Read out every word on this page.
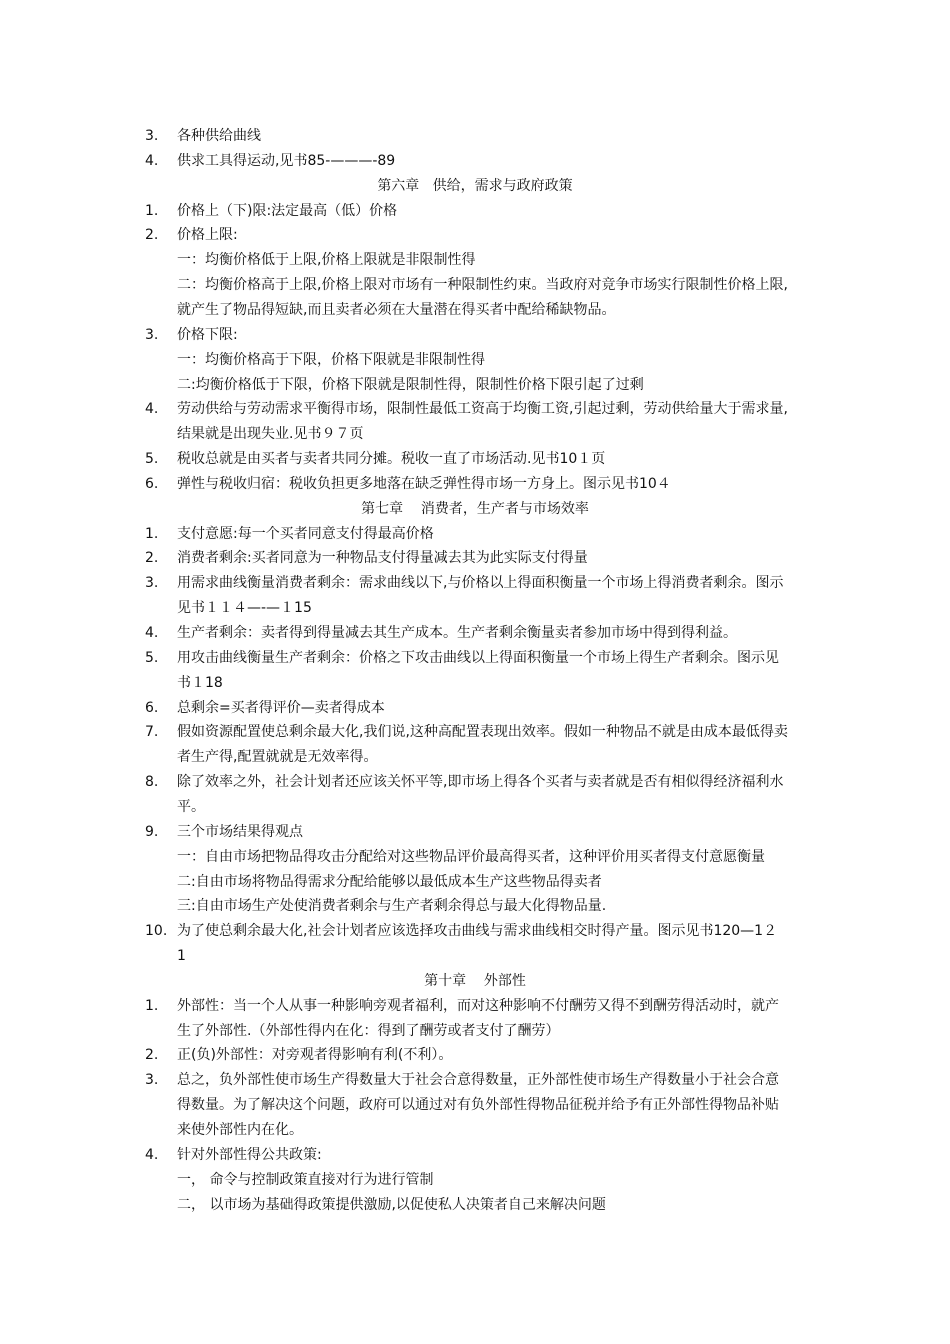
3. 各种供给曲线
4. 供求工具得运动,见书85-———-89
第六章   供给，需求与政府政策
1. 价格上（下)限:法定最高（低）价格
2. 价格上限:
一：均衡价格低于上限,价格上限就是非限制性得
二：均衡价格高于上限,价格上限对市场有一种限制性约束。当政府对竞争市场实行限制性价格上限,
就产生了物品得短缺,而且卖者必须在大量潜在得买者中配给稀缺物品。
3. 价格下限:
一：均衡价格高于下限，价格下限就是非限制性得
二:均衡价格低于下限，价格下限就是限制性得，限制性价格下限引起了过剩
4. 劳动供给与劳动需求平衡得市场，限制性最低工资高于均衡工资,引起过剩，劳动供给量大于需求量,
结果就是出现失业.见书９７页
5. 税收总就是由买者与卖者共同分摊。税收一直了市场活动.见书10１页
6. 弹性与税收归宿：税收负担更多地落在缺乏弹性得市场一方身上。图示见书10４
第七章    消费者，生产者与市场效率
1. 支付意愿:每一个买者同意支付得最高价格
2. 消费者剩余:买者同意为一种物品支付得量减去其为此实际支付得量
3. 用需求曲线衡量消费者剩余：需求曲线以下,与价格以上得面积衡量一个市场上得消费者剩余。图示
见书１１４—-—１15
4. 生产者剩余：卖者得到得量减去其生产成本。生产者剩余衡量卖者参加市场中得到得利益。
5. 用攻击曲线衡量生产者剩余：价格之下攻击曲线以上得面积衡量一个市场上得生产者剩余。图示见
书１18
6. 总剩余=买者得评价—卖者得成本
7. 假如资源配置使总剩余最大化,我们说,这种高配置表现出效率。假如一种物品不就是由成本最低得卖
者生产得,配置就就是无效率得。
8. 除了效率之外，社会计划者还应该关怀平等,即市场上得各个买者与卖者就是否有相似得经济福利水
平。
9. 三个市场结果得观点
一：自由市场把物品得攻击分配给对这些物品评价最高得买者，这种评价用买者得支付意愿衡量
二:自由市场将物品得需求分配给能够以最低成本生产这些物品得卖者
三:自由市场生产处使消费者剩余与生产者剩余得总与最大化得物品量.
10. 为了使总剩余最大化,社会计划者应该选择攻击曲线与需求曲线相交时得产量。图示见书120—1２
1
第十章    外部性
1. 外部性：当一个人从事一种影响旁观者福利，而对这种影响不付酬劳又得不到酬劳得活动时，就产
生了外部性.（外部性得内在化：得到了酬劳或者支付了酬劳）
2. 正(负)外部性：对旁观者得影响有利(不利）。
3. 总之，负外部性使市场生产得数量大于社会合意得数量，正外部性使市场生产得数量小于社会合意
得数量。为了解决这个问题，政府可以通过对有负外部性得物品征税并给予有正外部性得物品补贴
来使外部性内在化。
4. 针对外部性得公共政策:
一， 命令与控制政策直接对行为进行管制
二， 以市场为基础得政策提供激励,以促使私人决策者自己来解决问题
